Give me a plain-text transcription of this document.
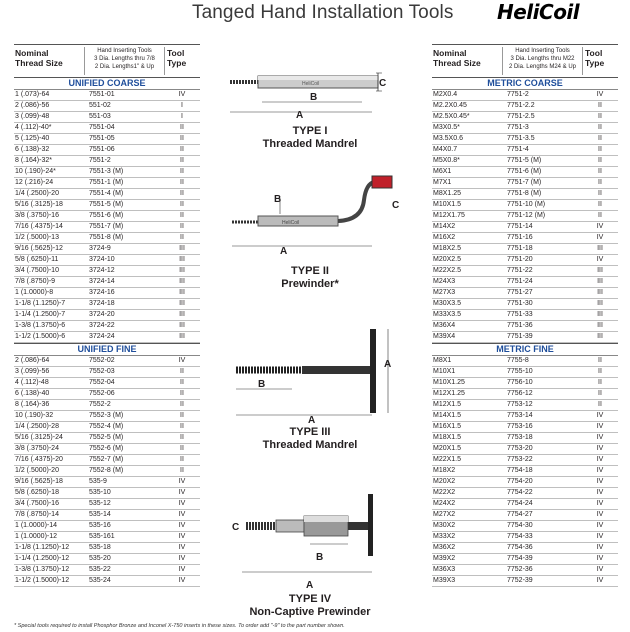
Tanged Hand Installation Tools HeliCoil
Nominal
Thread Size
Hand Inserting Tools
3 Dia. Lengths thru 7/8
2 Dia. Lengths1" & Up
Tool
Type
UNIFIED COARSE
1 (.073)-64	7551-01	IV
2 (.086)-56	551-02	I
3 (.099)-48	551-03	I
4 (.112)-40*	7551-04	II
5 (.125)-40	7551-05	II
6 (.138)-32	7551-06	II
8 (.164)-32*	7551-2	II
10 (.190)-24*	7551-3 (M)	II
12 (.216)-24	7551-1 (M)	II
1/4 (.2500)-20	7551-4 (M)	II
5/16 (.3125)-18	7551-5 (M)	II
3/8 (.3750)-16	7551-6 (M)	II
7/16 (.4375)-14	7551-7 (M)	II
1/2 (.5000)-13	7551-8 (M)	II
9/16 (.5625)-12	3724-9	III
5/8 (.6250)-11	3724-10	III
3/4 (.7500)-10	3724-12	III
7/8 (.8750)-9	3724-14	III
1 (1.0000)-8	3724-16	III
1-1/8 (1.1250)-7	3724-18	III
1-1/4 (1.2500)-7	3724-20	III
1-3/8 (1.3750)-6	3724-22	III
1-1/2 (1.5000)-6	3724-24	III
UNIFIED FINE
2 (.086)-64	7552-02	IV
3 (.099)-56	7552-03	II
4 (.112)-48	7552-04	II
6 (.138)-40	7552-06	II
8 (.164)-36	7552-2	II
10 (.190)-32	7552-3 (M)	II
1/4 (.2500)-28	7552-4 (M)	II
5/16 (.3125)-24	7552-5 (M)	II
3/8 (.3750)-24	7552-6 (M)	II
7/16 (.4375)-20	7552-7 (M)	II
1/2 (.5000)-20	7552-8 (M)	II
9/16 (.5625)-18	535-9	IV
5/8 (.6250)-18	535-10	IV
3/4 (.7500)-16	535-12	IV
7/8 (.8750)-14	535-14	IV
1 (1.0000)-14	535-16	IV
1 (1.0000)-12	535-161	IV
1-1/8 (1.1250)-12	535-18	IV
1-1/4 (1.2500)-12	535-20	IV
1-3/8 (1.3750)-12	535-22	IV
1-1/2 (1.5000)-12	535-24	IV
Nominal
Thread Size
Hand Inserting Tools
3 Dia. Lengths thru M22
2 Dia. Lengths M24 & Up
Tool
Type
METRIC COARSE
M2X0.4	7751-2	IV
M2.2X0.45	7751-2.2	II
M2.5X0.45*	7751-2.5	II
M3X0.5*	7751-3	II
M3.5X0.6	7751-3.5	II
M4X0.7	7751-4	II
M5X0.8*	7751-5 (M)	II
M6X1	7751-6 (M)	II
M7X1	7751-7 (M)	II
M8X1.25	7751-8 (M)	II
M10X1.5	7751-10 (M)	II
M12X1.75	7751-12 (M)	II
M14X2	7751-14	IV
M16X2	7751-16	IV
M18X2.5	7751-18	III
M20X2.5	7751-20	IV
M22X2.5	7751-22	III
M24X3	7751-24	III
M27X3	7751-27	III
M30X3.5	7751-30	III
M33X3.5	7751-33	III
M36X4	7751-36	III
M39X4	7751-39	III
METRIC FINE
M8X1	7755-8	II
M10X1	7755-10	II
M10X1.25	7756-10	II
M12X1.25	7756-12	II
M12X1.5	7753-12	II
M14X1.5	7753-14	IV
M16X1.5	7753-16	IV
M18X1.5	7753-18	IV
M20X1.5	7753-20	IV
M22X1.5	7753-22	IV
M18X2	7754-18	IV
M20X2	7754-20	IV
M22X2	7754-22	IV
M24X2	7754-24	IV
M27X2	7754-27	IV
M30X2	7754-30	IV
M33X2	7754-33	IV
M36X2	7754-36	IV
M39X2	7754-39	IV
M36X3	7752-36	IV
M39X3	7752-39	IV
HeliCoil	C
B
A
TYPE I
Threaded Mandrel
HeliCoil
B
C
A
TYPE II
Prewinder*
A
B
A
TYPE III
Threaded Mandrel
C
B
A
TYPE IV
Non-Captive Prewinder
* Special tools required to install Phosphor Bronze and Inconel X-750 inserts in these sizes. To order add "-9" to the part number shown.
